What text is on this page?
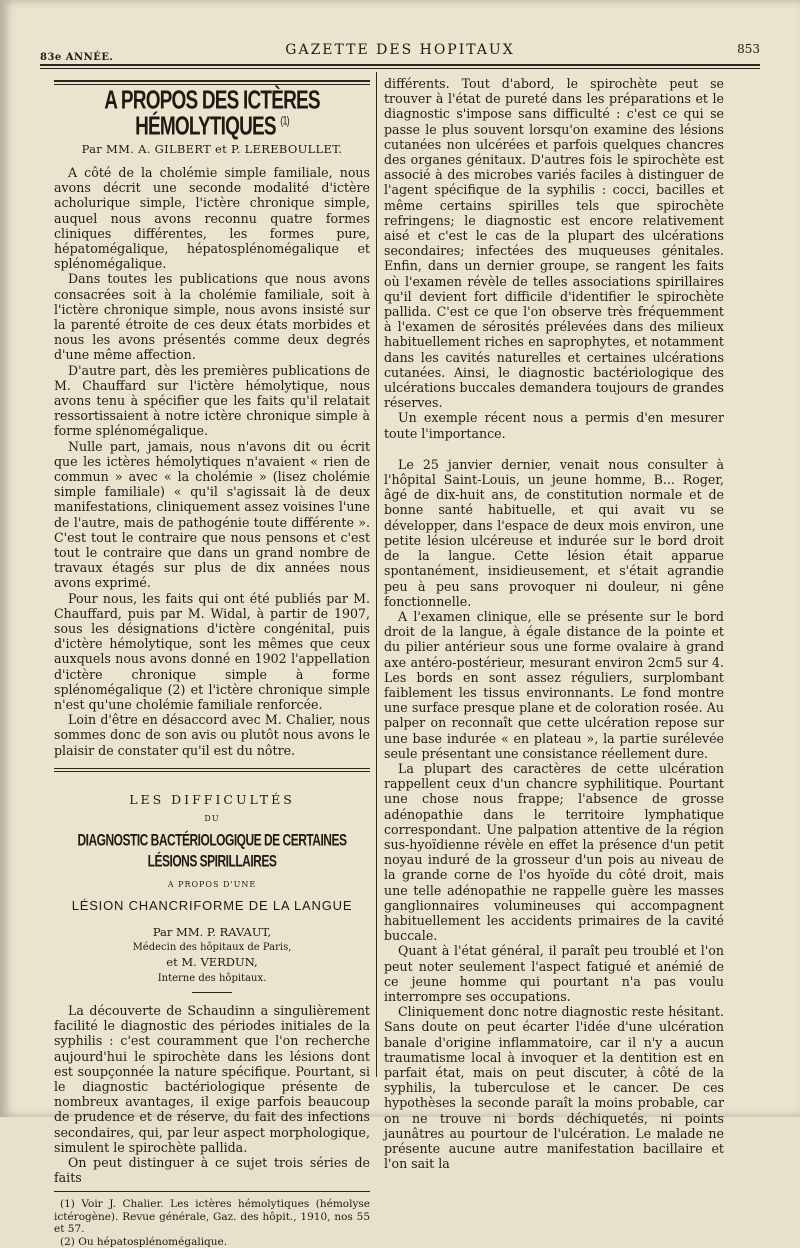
83e ANNÉE.	GAZETTE DES HOPITAUX	853
A PROPOS DES ICTÈRES HÉMOLYTIQUES $^{(1)}$
Par MM. A. GILBERT et P. LEREBOULLET.

A côté de la cholémie simple familiale, nous avons décrit une seconde modalité d'ictère acholurique simple, l'ictère chronique simple, auquel nous avons reconnu quatre formes cliniques différentes, les formes pure, hépatomégalique, hépatosplénomégalique et splénomégalique.

Dans toutes les publications que nous avons consacrées soit à la cholémie familiale, soit à l'ictère chronique simple, nous avons insisté sur la parenté étroite de ces deux états morbides et nous les avons présentés comme deux degrés d'une même affection.

D'autre part, dès les premières publications de M. Chauffard sur l'ictère hémolytique, nous avons tenu à spécifier que les faits qu'il relatait ressortissaient à notre ictère chronique simple à forme splénomégalique.

Nulle part, jamais, nous n'avons dit ou écrit que les ictères hémolytiques n'avaient « rien de commun » avec « la cholémie » (lisez cholémie simple familiale) « qu'il s'agissait là de deux manifestations, cliniquement assez voisines l'une de l'autre, mais de pathogénie toute différente ». C'est tout le contraire que nous pensons et c'est tout le contraire que dans un grand nombre de travaux étagés sur plus de dix années nous avons exprimé.

Pour nous, les faits qui ont été publiés par M. Chauffard, puis par M. Widal, à partir de 1907, sous les désignations d'ictère congénital, puis d'ictère hémolytique, sont les mêmes que ceux auxquels nous avons donné en 1902 l'appellation d'ictère chronique simple à forme splénomégalique (2) et l'ictère chronique simple n'est qu'une cholémie familiale renforcée.

Loin d'être en désaccord avec M. Chalier, nous sommes donc de son avis ou plutôt nous avons le plaisir de constater qu'il est du nôtre.

LES DIFFICULTÉS
DU
DIAGNOSTIC BACTÉRIOLOGIQUE DE CERTAINES LÉSIONS SPIRILLAIRES
A PROPOS D'UNE
LÉSION CHANCRIFORME DE LA LANGUE
Par MM. P. RAVAUT,
Médecin des hôpitaux de Paris,
et M. VERDUN,
Interne des hôpitaux.

La découverte de Schaudinn a singulièrement facilité le diagnostic des périodes initiales de la syphilis : c'est couramment que l'on recherche aujourd'hui le spirochète dans les lésions dont est soupçonnée la nature spécifique. Pourtant, si le diagnostic bactériologique présente de nombreux avantages, il exige parfois beaucoup de prudence et de réserve, du fait des infections secondaires, qui, par leur aspect morphologique, simulent le spirochète pallida.

On peut distinguer à ce sujet trois séries de faits

(1) Voir J. Chalier. Les ictères hémolytiques (hémolyse ictérogène). Revue générale, Gaz. des hôpit., 1910, nos 55 et 57.

(2) Ou hépatosplénomégalique.

différents. Tout d'abord, le spirochète peut se trouver à l'état de pureté dans les préparations et le diagnostic s'impose sans difficulté : c'est ce qui se passe le plus souvent lorsqu'on examine des lésions cutanées non ulcérées et parfois quelques chancres des organes génitaux. D'autres fois le spirochète est associé à des microbes variés faciles à distinguer de l'agent spécifique de la syphilis : cocci, bacilles et même certains spirilles tels que spirochète refringens; le diagnostic est encore relativement aisé et c'est le cas de la plupart des ulcérations secondaires; infectées des muqueuses génitales. Enfin, dans un dernier groupe, se rangent les faits où l'examen révèle de telles associations spirillaires qu'il devient fort difficile d'identifier le spirochète pallida. C'est ce que l'on observe très fréquemment à l'examen de sérosités prélevées dans des milieux habituellement riches en saprophytes, et notamment dans les cavités naturelles et certaines ulcérations cutanées. Ainsi, le diagnostic bactériologique des ulcérations buccales demandera toujours de grandes réserves.

Un exemple récent nous a permis d'en mesurer toute l'importance.

Le 25 janvier dernier, venait nous consulter à l'hôpital Saint-Louis, un jeune homme, B... Roger, âgé de dix-huit ans, de constitution normale et de bonne santé habituelle, et qui avait vu se développer, dans l'espace de deux mois environ, une petite lésion ulcéreuse et indurée sur le bord droit de la langue. Cette lésion était apparue spontanément, insidieusement, et s'était agrandie peu à peu sans provoquer ni douleur, ni gêne fonctionnelle.

A l'examen clinique, elle se présente sur le bord droit de la langue, à égale distance de la pointe et du pilier antérieur sous une forme ovalaire à grand axe antéro-postérieur, mesurant environ 2cm5 sur 4. Les bords en sont assez réguliers, surplombant faiblement les tissus environnants. Le fond montre une surface presque plane et de coloration rosée. Au palper on reconnaît que cette ulcération repose sur une base indurée « en plateau », la partie surélevée seule présentant une consistance réellement dure.

La plupart des caractères de cette ulcération rappellent ceux d'un chancre syphilitique. Pourtant une chose nous frappe; l'absence de grosse adénopathie dans le territoire lymphatique correspondant. Une palpation attentive de la région sus-hyoïdienne révèle en effet la présence d'un petit noyau induré de la grosseur d'un pois au niveau de la grande corne de l'os hyoïde du côté droit, mais une telle adénopathie ne rappelle guère les masses ganglionnaires volumineuses qui accompagnent habituellement les accidents primaires de la cavité buccale.

Quant à l'état général, il paraît peu troublé et l'on peut noter seulement l'aspect fatigué et anémié de ce jeune homme qui pourtant n'a pas voulu interrompre ses occupations.

Cliniquement donc notre diagnostic reste hésitant. Sans doute on peut écarter l'idée d'une ulcération banale d'origine inflammatoire, car il n'y a aucun traumatisme local à invoquer et la dentition est en parfait état, mais on peut discuter, à côté de la syphilis, la tuberculose et le cancer. De ces hypothèses la seconde paraît la moins probable, car on ne trouve ni bords déchiquetés, ni points jaunâtres au pourtour de l'ulcération. Le malade ne présente aucune autre manifestation bacillaire et l'on sait la
